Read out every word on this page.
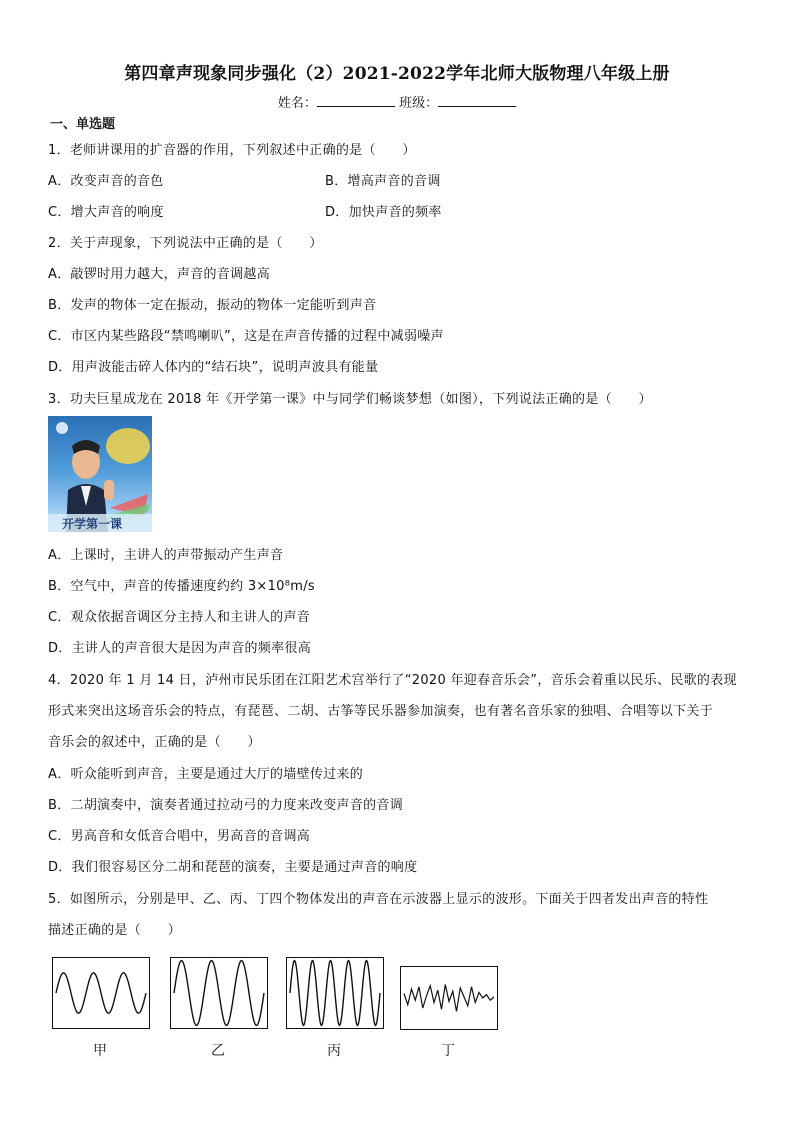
第四章声现象同步强化（2）2021-2022学年北师大版物理八年级上册
姓名：	班级：
一、单选题
1．老师讲课用的扩音器的作用，下列叙述中正确的是（　　）
A．改变声音的音色	B．增高声音的音调
C．增大声音的响度	D．加快声音的频率
2．关于声现象，下列说法中正确的是（　　）
A．敲锣时用力越大，声音的音调越高
B．发声的物体一定在振动，振动的物体一定能听到声音
C．市区内某些路段“禁鸣喇叭”，这是在声音传播的过程中减弱噪声
D．用声波能击碎人体内的“结石块”，说明声波具有能量
3．功夫巨星成龙在 2018 年《开学第一课》中与同学们畅谈梦想（如图），下列说法正确的是（　　）
开学第一课
A．上课时，主讲人的声带振动产生声音
B．空气中，声音的传播速度约约 3×10⁸m/s
C．观众依据音调区分主持人和主讲人的声音
D．主讲人的声音很大是因为声音的频率很高
4．2020 年 1 月 14 日，泸州市民乐团在江阳艺术宫举行了“2020 年迎春音乐会”，音乐会着重以民乐、民歌的表现
形式来突出这场音乐会的特点，有琵琶、二胡、古筝等民乐器参加演奏，也有著名音乐家的独唱、合唱等以下关于
音乐会的叙述中，正确的是（　　）
A．听众能听到声音，主要是通过大厅的墙壁传过来的
B．二胡演奏中，演奏者通过拉动弓的力度来改变声音的音调
C．男高音和女低音合唱中，男高音的音调高
D．我们很容易区分二胡和琵琶的演奏，主要是通过声音的响度
5．如图所示，分别是甲、乙、丙、丁四个物体发出的声音在示波器上显示的波形。下面关于四者发出声音的特性
描述正确的是（　　）
甲	乙	丙	丁
